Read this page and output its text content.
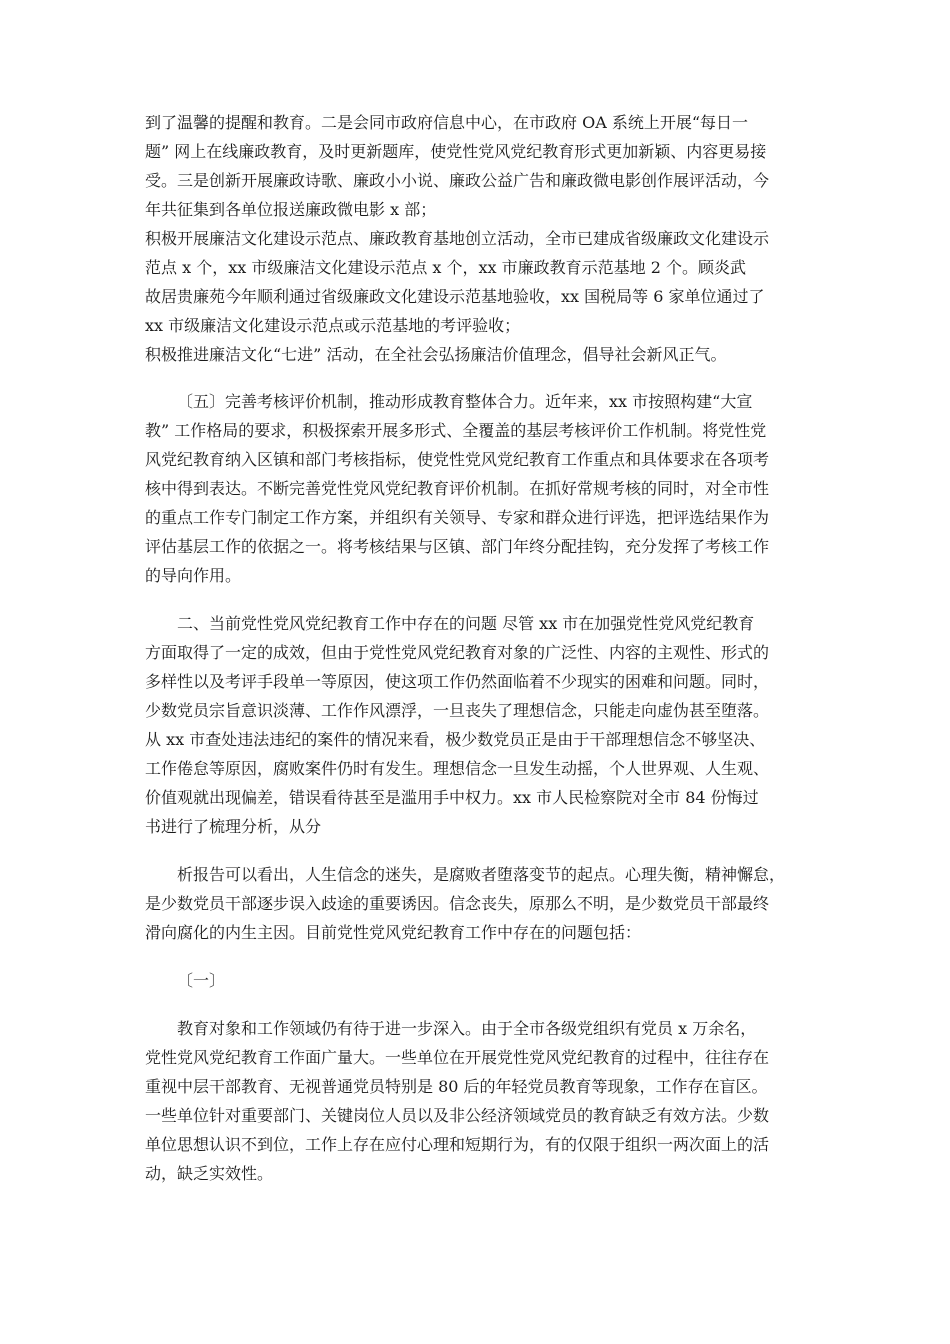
到了温馨的提醒和教育。二是会同市政府信息中心，在市政府 OA 系统上开展“每日一
题” 网上在线廉政教育，及时更新题库，使党性党风党纪教育形式更加新颖、内容更易接
受。三是创新开展廉政诗歌、廉政小小说、廉政公益广告和廉政微电影创作展评活动，今
年共征集到各单位报送廉政微电影 x 部；
积极开展廉洁文化建设示范点、廉政教育基地创立活动，全市已建成省级廉政文化建设示
范点 x 个，xx 市级廉洁文化建设示范点 x 个，xx 市廉政教育示范基地 2 个。顾炎武
故居贵廉苑今年顺利通过省级廉政文化建设示范基地验收，xx 国税局等 6 家单位通过了
xx 市级廉洁文化建设示范点或示范基地的考评验收；
积极推进廉洁文化“七进” 活动，在全社会弘扬廉洁价值理念，倡导社会新风正气。
〔五〕完善考核评价机制，推动形成教育整体合力。近年来，xx 市按照构建“大宣
教” 工作格局的要求，积极探索开展多形式、全覆盖的基层考核评价工作机制。将党性党
风党纪教育纳入区镇和部门考核指标，使党性党风党纪教育工作重点和具体要求在各项考
核中得到表达。不断完善党性党风党纪教育评价机制。在抓好常规考核的同时，对全市性
的重点工作专门制定工作方案，并组织有关领导、专家和群众进行评选，把评选结果作为
评估基层工作的依据之一。将考核结果与区镇、部门年终分配挂钩，充分发挥了考核工作
的导向作用。
二、当前党性党风党纪教育工作中存在的问题 尽管 xx 市在加强党性党风党纪教育
方面取得了一定的成效，但由于党性党风党纪教育对象的广泛性、内容的主观性、形式的
多样性以及考评手段单一等原因，使这项工作仍然面临着不少现实的困难和问题。同时，
少数党员宗旨意识淡薄、工作作风漂浮，一旦丧失了理想信念，只能走向虚伪甚至堕落。
从 xx 市查处违法违纪的案件的情况来看，极少数党员正是由于干部理想信念不够坚决、
工作倦怠等原因，腐败案件仍时有发生。理想信念一旦发生动摇，个人世界观、人生观、
价值观就出现偏差，错误看待甚至是滥用手中权力。xx 市人民检察院对全市 84 份悔过
书进行了梳理分析，从分
析报告可以看出，人生信念的迷失，是腐败者堕落变节的起点。心理失衡，精神懈怠，
是少数党员干部逐步误入歧途的重要诱因。信念丧失，原那么不明，是少数党员干部最终
滑向腐化的内生主因。目前党性党风党纪教育工作中存在的问题包括：
〔一〕
教育对象和工作领域仍有待于进一步深入。由于全市各级党组织有党员 x 万余名，
党性党风党纪教育工作面广量大。一些单位在开展党性党风党纪教育的过程中，往往存在
重视中层干部教育、无视普通党员特别是 80 后的年轻党员教育等现象，工作存在盲区。
一些单位针对重要部门、关键岗位人员以及非公经济领域党员的教育缺乏有效方法。少数
单位思想认识不到位，工作上存在应付心理和短期行为，有的仅限于组织一两次面上的活
动，缺乏实效性。
